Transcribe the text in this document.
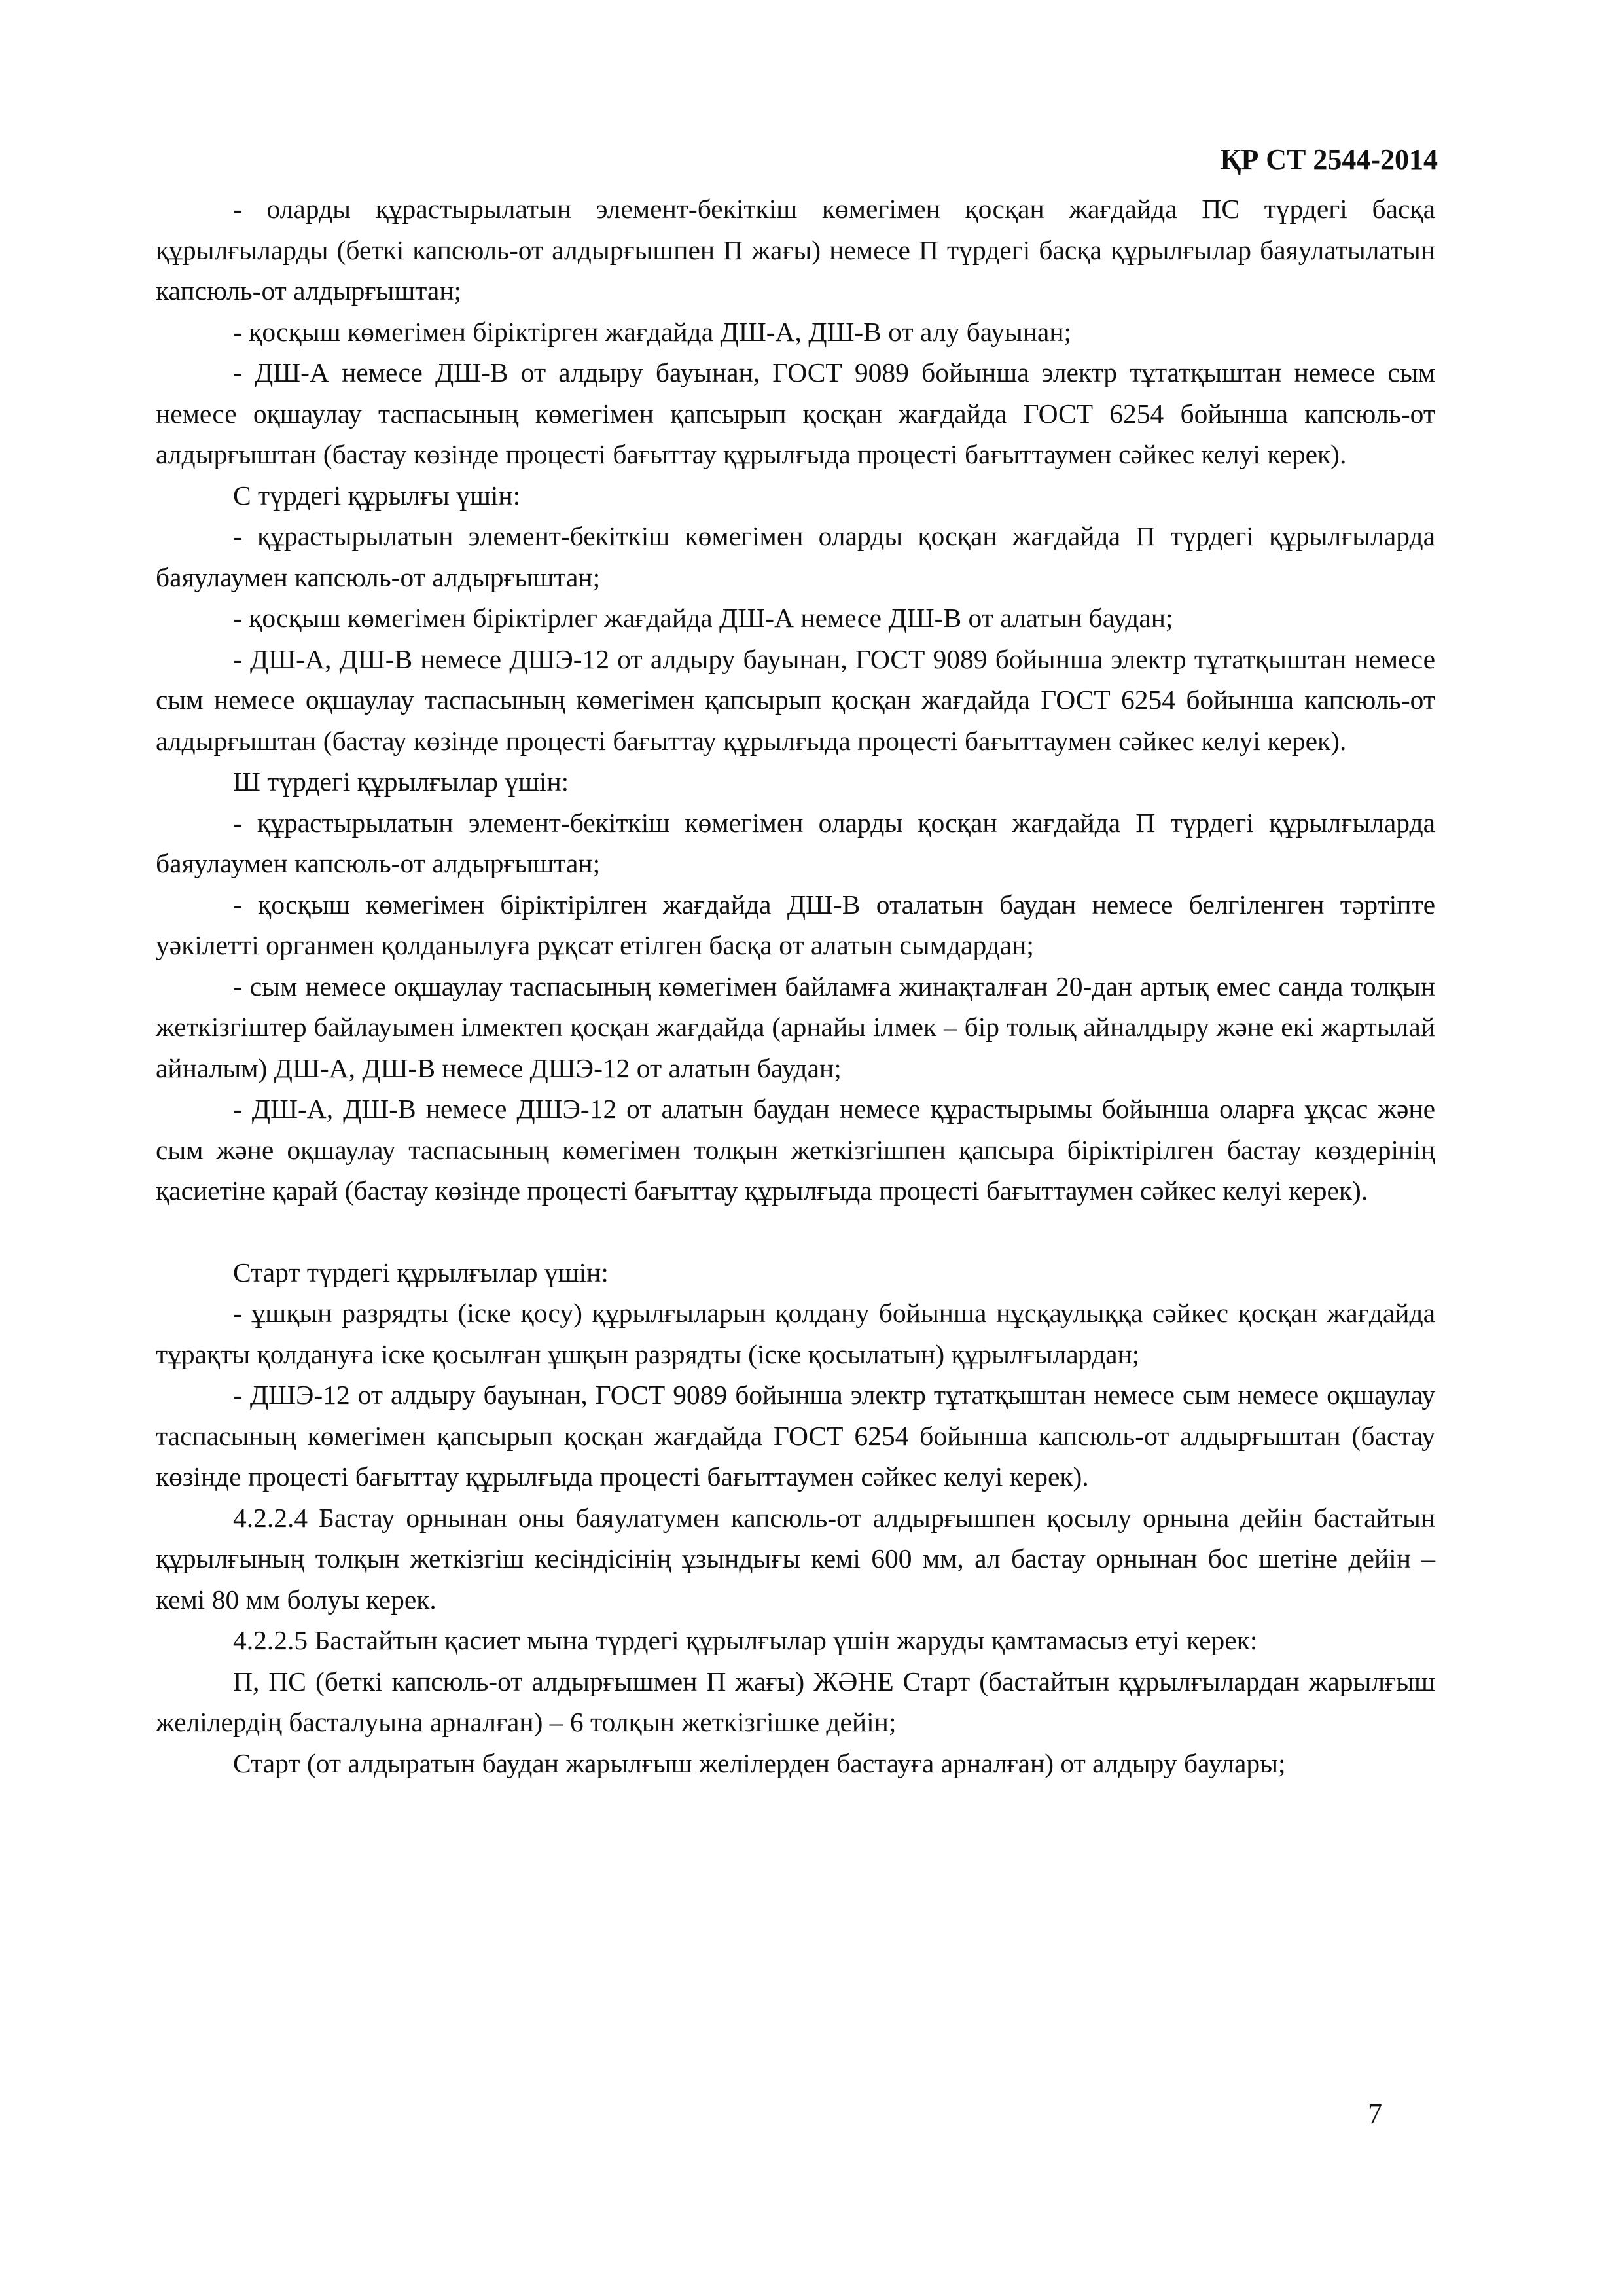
ҚР СТ 2544-2014

- оларды құрастырылатын элемент-бекіткіш көмегімен қосқан жағдайда ПС түрдегі басқа құрылғыларды (беткі капсюль-от алдырғышпен П жағы) немесе П түрдегі басқа құрылғылар баяулатылатын капсюль-от алдырғыштан;

- қосқыш көмегімен біріктірген жағдайда ДШ-А, ДШ-В от алу бауынан;

- ДШ-А немесе ДШ-В от алдыру бауынан, ГОСТ 9089 бойынша электр тұтатқыштан немесе сым немесе оқшаулау таспасының көмегімен қапсырып қосқан жағдайда ГОСТ 6254 бойынша капсюль-от алдырғыштан (бастау көзінде процесті бағыттау құрылғыда процесті бағыттаумен сәйкес келуі керек).

С түрдегі құрылғы үшін:

- құрастырылатын элемент-бекіткіш көмегімен оларды қосқан жағдайда П түрдегі құрылғыларда баяулаумен капсюль-от алдырғыштан;

- қосқыш көмегімен біріктірлег жағдайда ДШ-А немесе ДШ-В от алатын баудан;

- ДШ-А, ДШ-В немесе ДШЭ-12 от алдыру бауынан, ГОСТ 9089 бойынша электр тұтатқыштан немесе сым немесе оқшаулау таспасының көмегімен қапсырып қосқан жағдайда ГОСТ 6254 бойынша капсюль-от алдырғыштан (бастау көзінде процесті бағыттау құрылғыда процесті бағыттаумен сәйкес келуі керек).

Ш түрдегі құрылғылар үшін:

- құрастырылатын элемент-бекіткіш көмегімен оларды қосқан жағдайда П түрдегі құрылғыларда баяулаумен капсюль-от алдырғыштан;

- қосқыш көмегімен біріктірілген жағдайда ДШ-В оталатын баудан немесе белгіленген тәртіпте уәкілетті органмен қолданылуға рұқсат етілген басқа от алатын сымдардан;

- сым немесе оқшаулау таспасының көмегімен байламға жинақталған 20-дан артық емес санда толқын жеткізгіштер байлауымен ілмектеп қосқан жағдайда (арнайы ілмек – бір толық айналдыру және екі жартылай айналым) ДШ-А, ДШ-В немесе ДШЭ-12 от алатын баудан;

- ДШ-А, ДШ-В немесе ДШЭ-12 от алатын баудан немесе құрастырымы бойынша оларға ұқсас және сым және оқшаулау таспасының көмегімен толқын жеткізгішпен қапсыра біріктірілген бастау көздерінің қасиетіне қарай (бастау көзінде процесті бағыттау құрылғыда процесті бағыттаумен сәйкес келуі керек).

Старт түрдегі құрылғылар үшін:

- ұшқын разрядты (іске қосу) құрылғыларын қолдану бойынша нұсқаулыққа сәйкес қосқан жағдайда тұрақты қолдануға іске қосылған ұшқын разрядты (іске қосылатын) құрылғылардан;

- ДШЭ-12 от алдыру бауынан, ГОСТ 9089 бойынша электр тұтатқыштан немесе сым немесе оқшаулау таспасының көмегімен қапсырып қосқан жағдайда ГОСТ 6254 бойынша капсюль-от алдырғыштан (бастау көзінде процесті бағыттау құрылғыда процесті бағыттаумен сәйкес келуі керек).

4.2.2.4 Бастау орнынан оны баяулатумен капсюль-от алдырғышпен қосылу орнына дейін бастайтын құрылғының толқын жеткізгіш кесіндісінің ұзындығы кемі 600 мм, ал бастау орнынан бос шетіне дейін – кемі 80 мм болуы керек.

4.2.2.5 Бастайтын қасиет мына түрдегі құрылғылар үшін жаруды қамтамасыз етуі керек:

П, ПС (беткі капсюль-от алдырғышмен П жағы) ЖӘНЕ Старт (бастайтын құрылғылардан жарылғыш желілердің басталуына арналған) – 6 толқын жеткізгішке дейін;

Старт (от алдыратын баудан жарылғыш желілерден бастауға арналған) от алдыру баулары;

7
